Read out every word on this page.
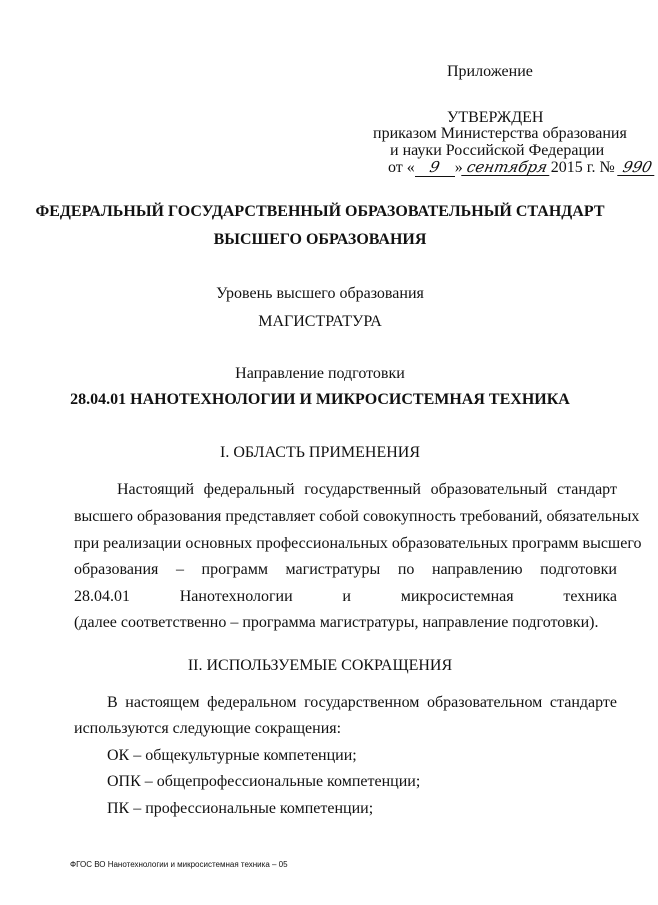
Приложение
УТВЕРЖДЕН
приказом Министерства образования
и науки Российской Федерации
от « 9 » сентября 2015 г. № 990
ФЕДЕРАЛЬНЫЙ ГОСУДАРСТВЕННЫЙ ОБРАЗОВАТЕЛЬНЫЙ СТАНДАРТ
ВЫСШЕГО ОБРАЗОВАНИЯ
Уровень высшего образования
МАГИСТРАТУРА
Направление подготовки
28.04.01 НАНОТЕХНОЛОГИИ И МИКРОСИСТЕМНАЯ ТЕХНИКА
I. ОБЛАСТЬ ПРИМЕНЕНИЯ
Настоящий федеральный государственный образовательный стандарт
высшего образования представляет собой совокупность требований, обязательных
при реализации основных профессиональных образовательных программ высшего
образования – программ магистратуры по направлению подготовки
28.04.01	Нанотехнологии	и	микросистемная	техника
(далее соответственно – программа магистратуры, направление подготовки).
II. ИСПОЛЬЗУЕМЫЕ СОКРАЩЕНИЯ
В настоящем федеральном государственном образовательном стандарте
используются следующие сокращения:
ОК – общекультурные компетенции;
ОПК – общепрофессиональные компетенции;
ПК – профессиональные компетенции;
ФГОС ВО Нанотехнологии и микросистемная техника – 05
